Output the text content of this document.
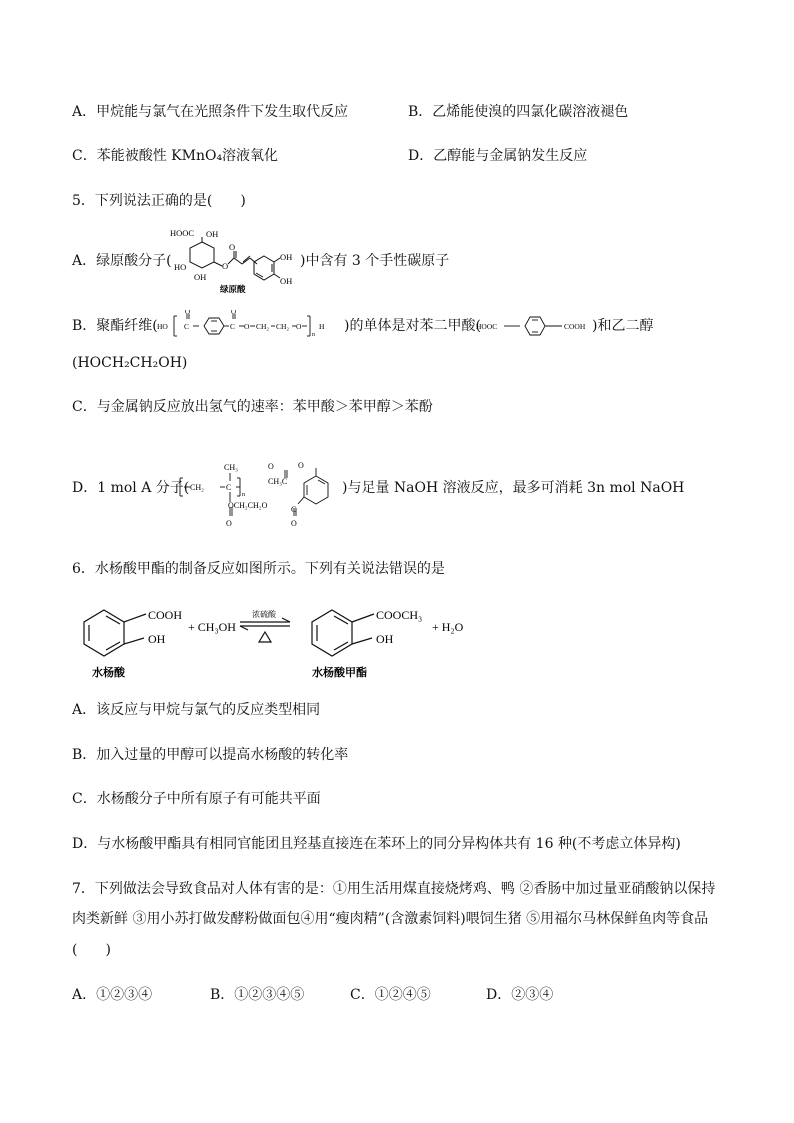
A．甲烷能与氯气在光照条件下发生取代反应	B．乙烯能使溴的四氯化碳溶液褪色
C．苯能被酸性 KMnO₄溶液氧化	D．乙醇能与金属钠发生反应
5．下列说法正确的是(　　)
A．绿原酸分子(
HOOC OH
HO
OH
O
O
OH
OH
绿原酸
)中含有 3 个手性碳原子
B．聚酯纤维( HO C
O
C
O
O CH₂ CH₂ O
n
H )的单体是对苯二甲酸(
HOOC	COOH )和乙二醇
(HOCH₂CH₂OH)
C．与金属钠反应放出氢气的速率：苯甲酸＞苯甲醇＞苯酚
D．1 mol A 分子( CH₂	C
CH₃
n
OCH₂CH₂O
O
CH₃C
O
C
O
O
)与足量 NaOH 溶液反应，最多可消耗 3n mol NaOH
6．水杨酸甲酯的制备反应如图所示。下列有关说法错误的是
COOH
OH
+ CH₃OH
浓硫酸	COOCH₃
OH
+ H₂O
水杨酸	水杨酸甲酯
A．该反应与甲烷与氯气的反应类型相同
B．加入过量的甲醇可以提高水杨酸的转化率
C．水杨酸分子中所有原子有可能共平面
D．与水杨酸甲酯具有相同官能团且羟基直接连在苯环上的同分异构体共有 16 种(不考虑立体异构)
7．下列做法会导致食品对人体有害的是：①用生活用煤直接烧烤鸡、鸭 ②香肠中加过量亚硝酸钠以保持
肉类新鲜 ③用小苏打做发酵粉做面包④用“瘦肉精”(含激素饲料)喂饲生猪 ⑤用福尔马林保鲜鱼肉等食品
(　　)
A．①②③④	B．①②③④⑤	C．①②④⑤	D．②③④
